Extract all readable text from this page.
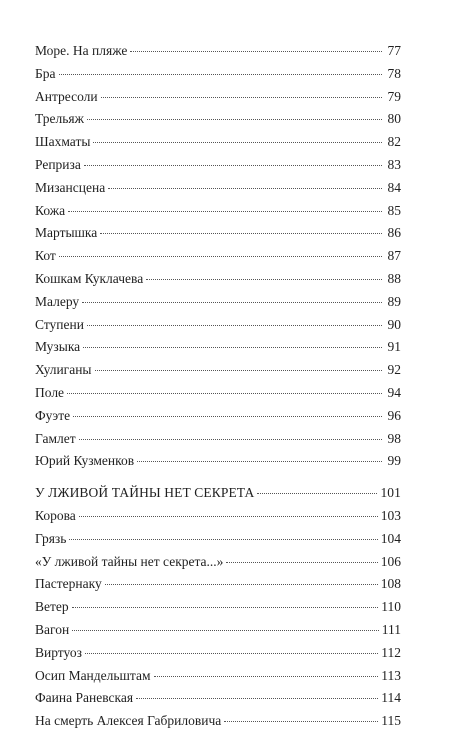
Море. На пляже	77
Бра	78
Антресоли	79
Трельяж	80
Шахматы	82
Реприза	83
Мизансцена	84
Кожа	85
Мартышка	86
Кот	87
Кошкам Куклачева	88
Малеру	89
Ступени	90
Музыка	91
Хулиганы	92
Поле	94
Фуэте	96
Гамлет	98
Юрий Кузменков	99
У ЛЖИВОЙ ТАЙНЫ НЕТ СЕКРЕТА	101
Корова	103
Грязь	104
«У лживой тайны нет секрета...»	106
Пастернаку	108
Ветер	110
Вагон	111
Виртуоз	112
Осип Мандельштам	113
Фаина Раневская	114
На смерть Алексея Габриловича	115
